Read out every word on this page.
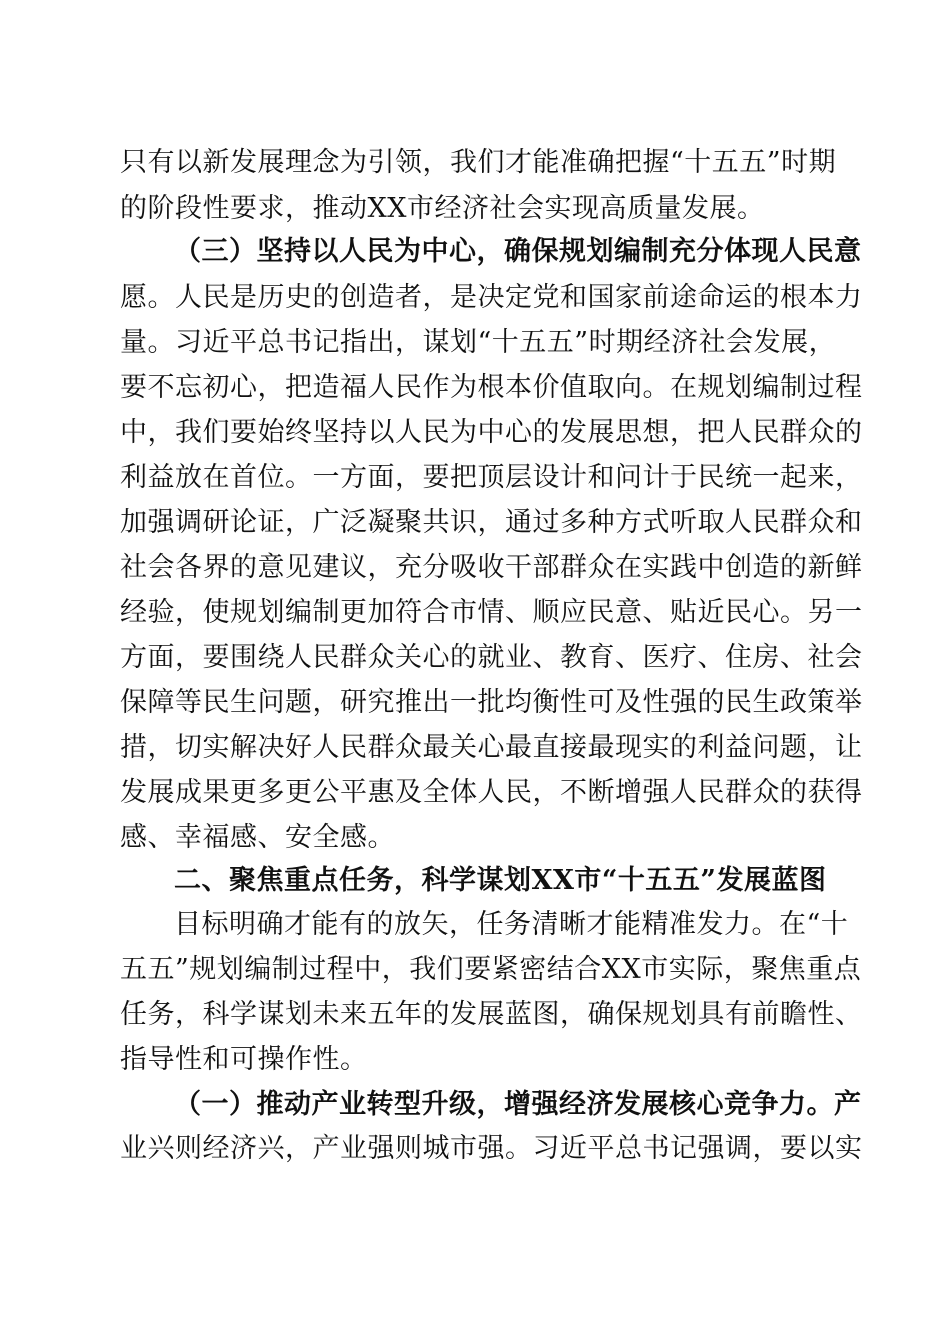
只有以新发展理念为引领，我们才能准确把握“十五五”时期
的阶段性要求，推动XX市经济社会实现高质量发展。
（三）坚持以人民为中心，确保规划编制充分体现人民意
愿。人民是历史的创造者，是决定党和国家前途命运的根本力
量。习近平总书记指出，谋划“十五五”时期经济社会发展，
要不忘初心，把造福人民作为根本价值取向。在规划编制过程
中，我们要始终坚持以人民为中心的发展思想，把人民群众的
利益放在首位。一方面，要把顶层设计和问计于民统一起来，
加强调研论证，广泛凝聚共识，通过多种方式听取人民群众和
社会各界的意见建议，充分吸收干部群众在实践中创造的新鲜
经验，使规划编制更加符合市情、顺应民意、贴近民心。另一
方面，要围绕人民群众关心的就业、教育、医疗、住房、社会
保障等民生问题，研究推出一批均衡性可及性强的民生政策举
措，切实解决好人民群众最关心最直接最现实的利益问题，让
发展成果更多更公平惠及全体人民，不断增强人民群众的获得
感、幸福感、安全感。
二、聚焦重点任务，科学谋划XX市“十五五”发展蓝图
目标明确才能有的放矢，任务清晰才能精准发力。在“十
五五”规划编制过程中，我们要紧密结合XX市实际，聚焦重点
任务，科学谋划未来五年的发展蓝图，确保规划具有前瞻性、
指导性和可操作性。
（一）推动产业转型升级，增强经济发展核心竞争力。产
业兴则经济兴，产业强则城市强。习近平总书记强调，要以实
